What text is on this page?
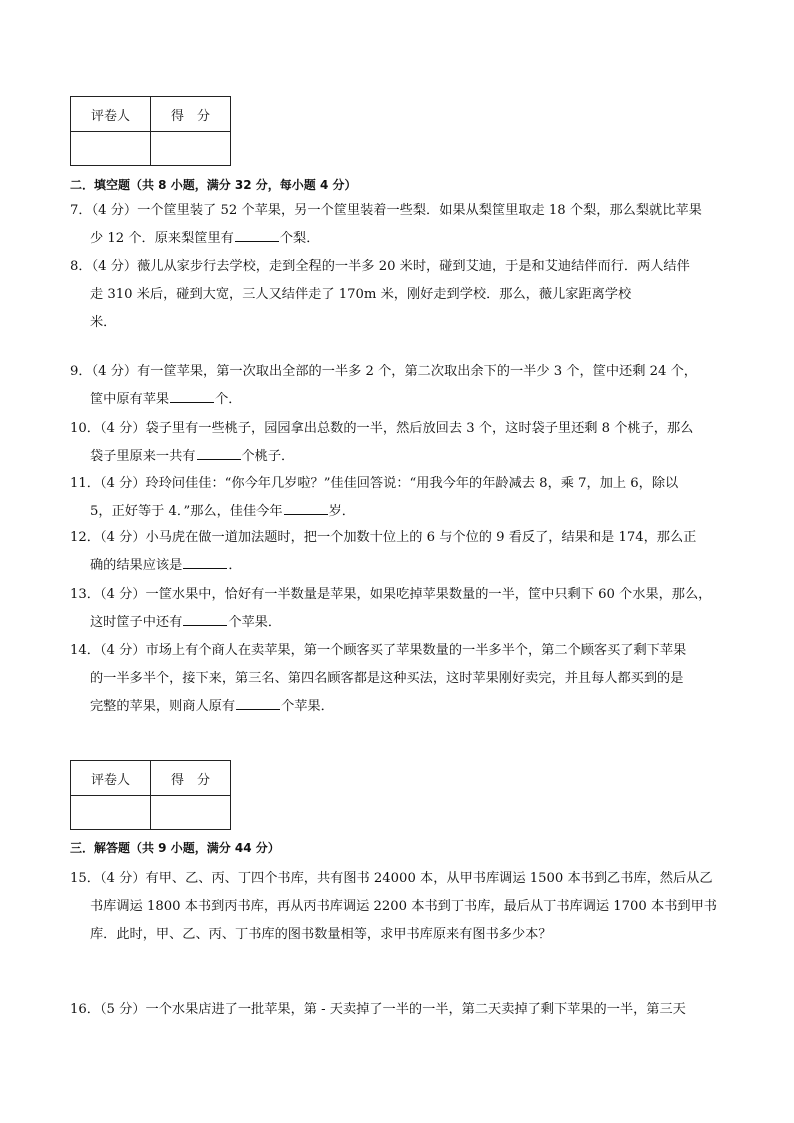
评卷人	得　分

二．填空题（共 8 小题，满分 32 分，每小题 4 分）
7．（4 分）一个筐里装了 52 个苹果，另一个筐里装着一些梨．如果从梨筐里取走 18 个梨，那么梨就比苹果
少 12 个．原来梨筐里有	个梨．
8．（4 分）薇儿从家步行去学校，走到全程的一半多 20 米时，碰到艾迪，于是和艾迪结伴而行．两人结伴
走 310 米后，碰到大宽，三人又结伴走了 170m 米，刚好走到学校．那么，薇儿家距离学校
米．
9．（4 分）有一筐苹果，第一次取出全部的一半多 2 个，第二次取出余下的一半少 3 个，筐中还剩 24 个，
筐中原有苹果	个．
10．（4 分）袋子里有一些桃子，园园拿出总数的一半，然后放回去 3 个，这时袋子里还剩 8 个桃子，那么
袋子里原来一共有	个桃子．
11．（4 分）玲玲问佳佳：“你今年几岁啦？”佳佳回答说：“用我今年的年龄减去 8，乘 7，加上 6，除以
5，正好等于 4．”那么，佳佳今年	岁．
12．（4 分）小马虎在做一道加法题时，把一个加数十位上的 6 与个位的 9 看反了，结果和是 174，那么正
确的结果应该是	．
13．（4 分）一筐水果中，恰好有一半数量是苹果，如果吃掉苹果数量的一半，筐中只剩下 60 个水果，那么，
这时筐子中还有	个苹果．
14．（4 分）市场上有个商人在卖苹果，第一个顾客买了苹果数量的一半多半个，第二个顾客买了剩下苹果
的一半多半个，接下来，第三名、第四名顾客都是这种买法，这时苹果刚好卖完，并且每人都买到的是
完整的苹果，则商人原有	个苹果．
评卷人	得　分

三．解答题（共 9 小题，满分 44 分）
15．（4 分）有甲、乙、丙、丁四个书库，共有图书 24000 本，从甲书库调运 1500 本书到乙书库，然后从乙
书库调运 1800 本书到丙书库，再从丙书库调运 2200 本书到丁书库，最后从丁书库调运 1700 本书到甲书
库．此时，甲、乙、丙、丁书库的图书数量相等，求甲书库原来有图书多少本？
16．（5 分）一个水果店进了一批苹果，第 - 天卖掉了一半的一半，第二天卖掉了剩下苹果的一半，第三天
